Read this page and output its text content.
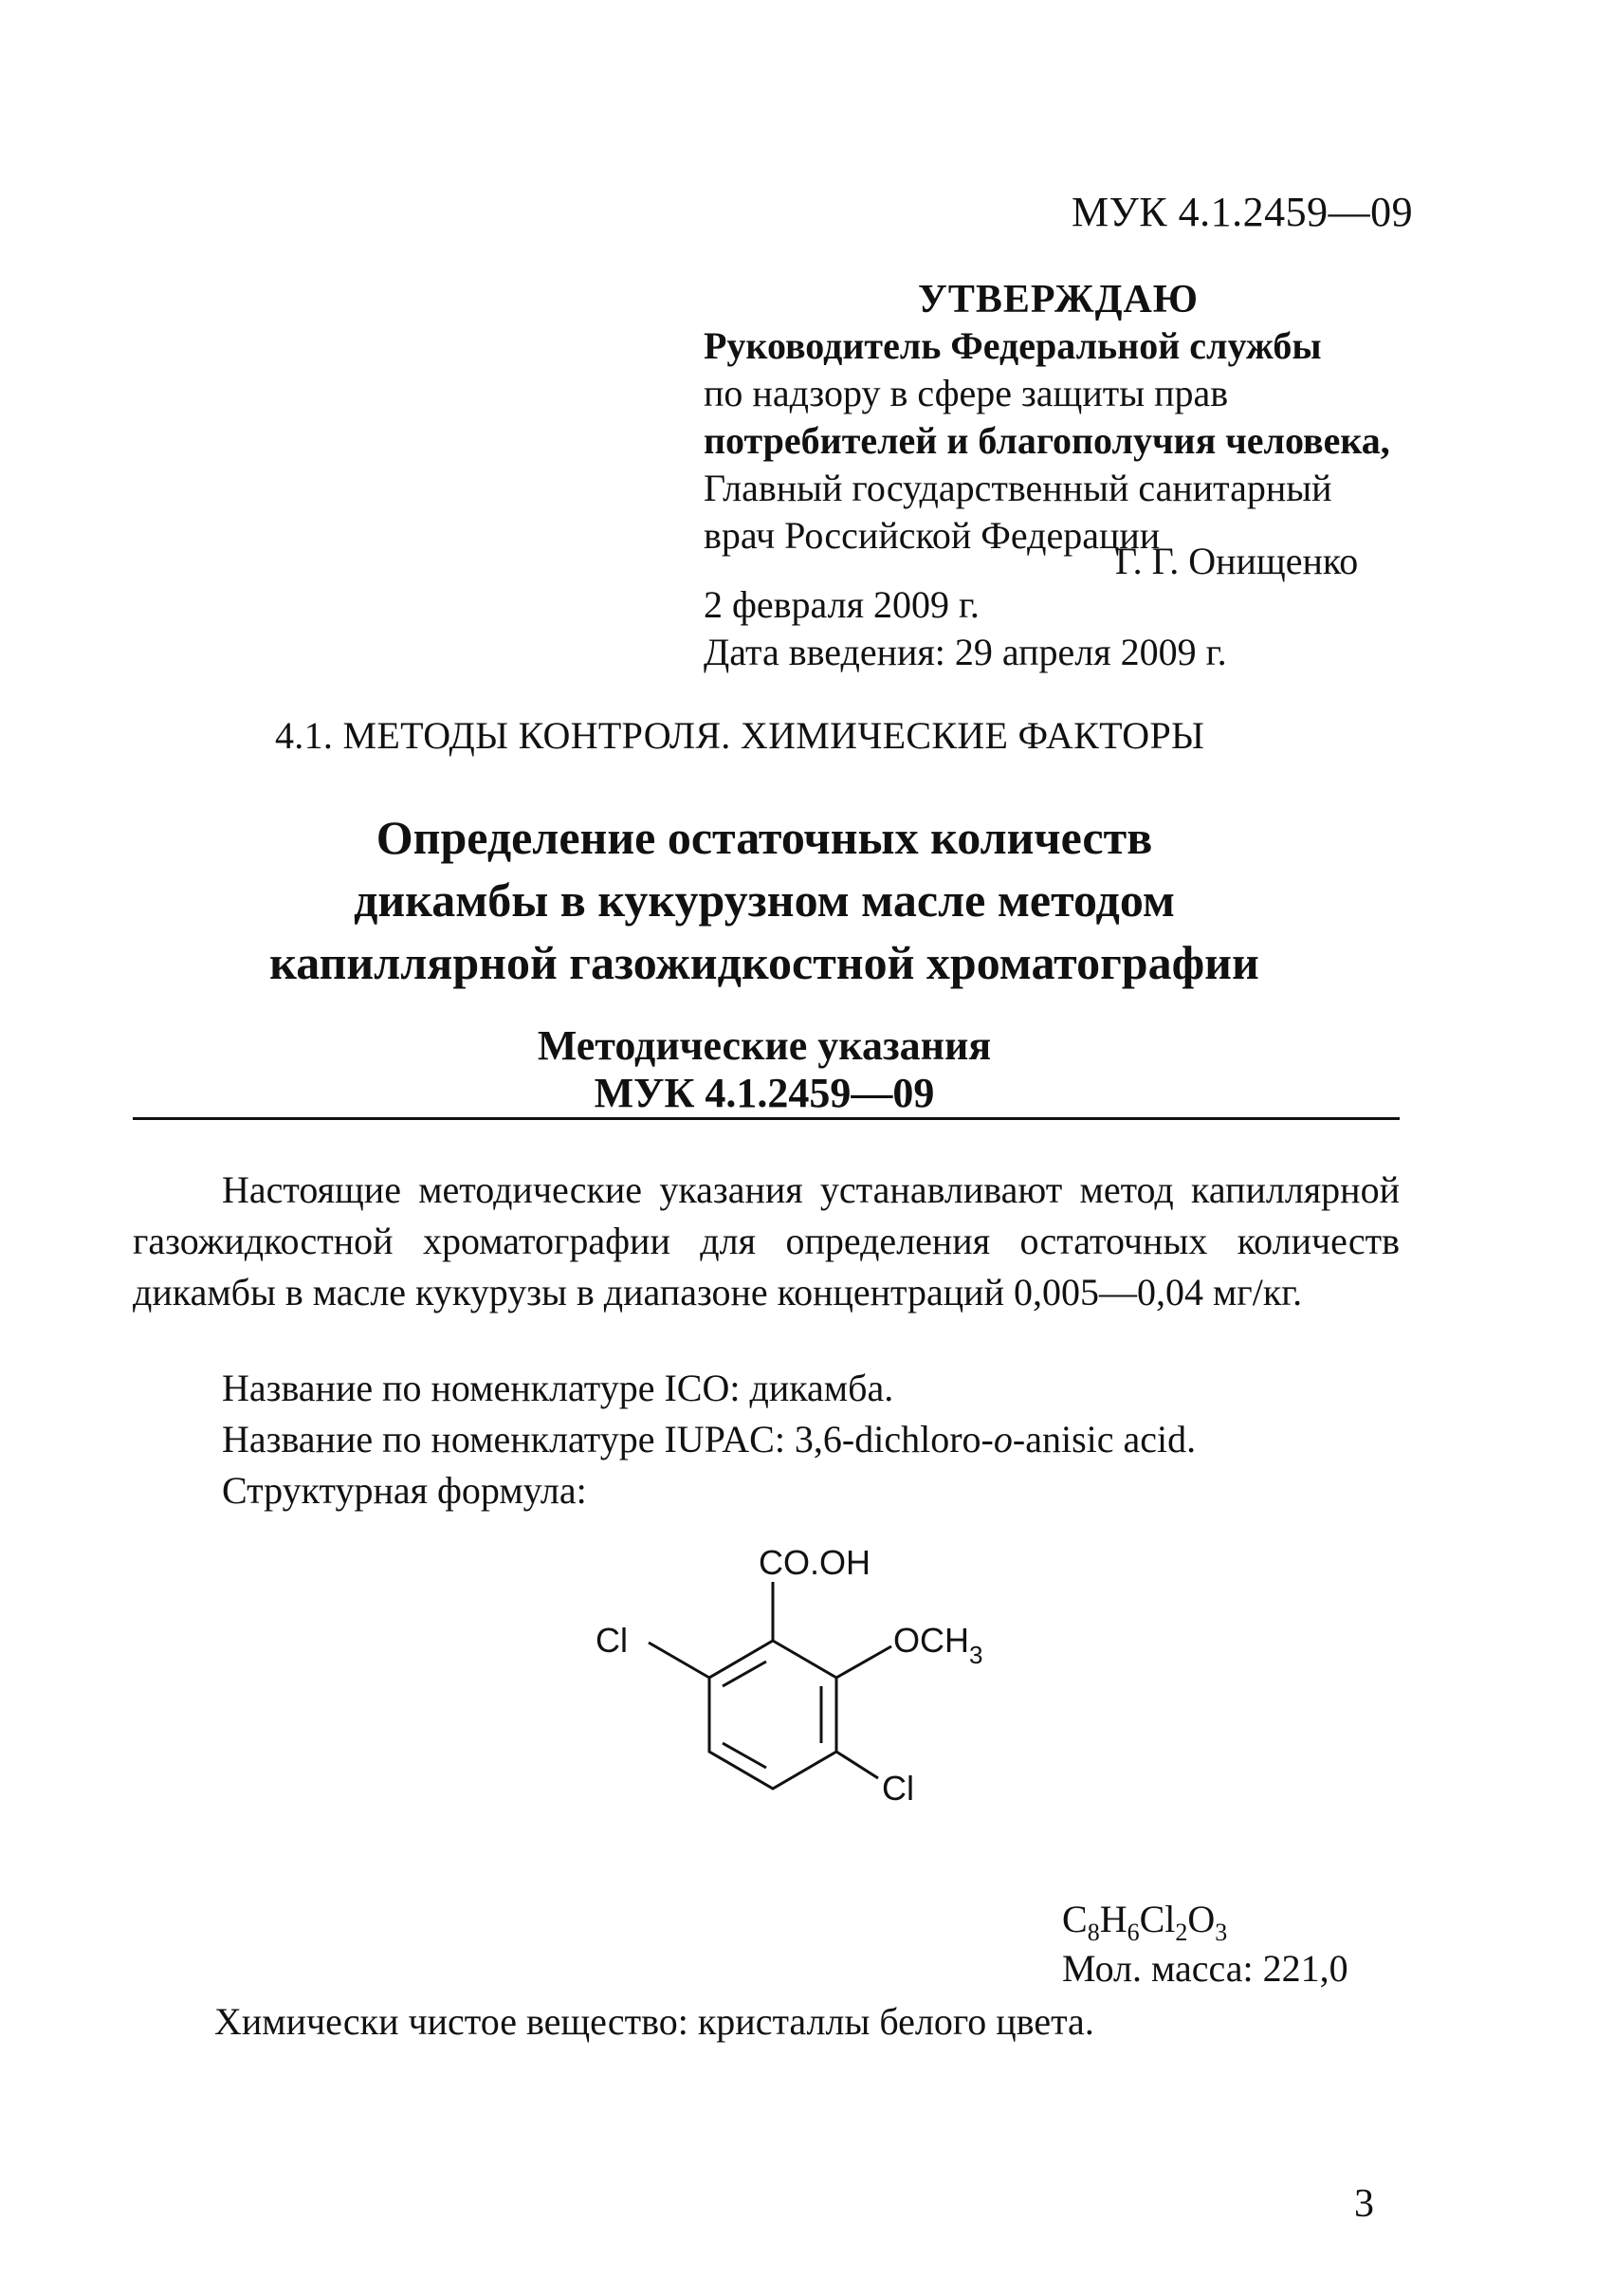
МУК 4.1.2459—09
УТВЕРЖДАЮ
Руководитель Федеральной службы
по надзору в сфере защиты прав
потребителей и благополучия человека,
Главный государственный санитарный
врач Российской Федерации
Г. Г. Онищенко
2 февраля 2009 г.
Дата введения: 29 апреля 2009 г.
4.1. МЕТОДЫ КОНТРОЛЯ. ХИМИЧЕСКИЕ ФАКТОРЫ
Определение остаточных количеств
дикамбы в кукурузном масле методом
капиллярной газожидкостной хроматографии
Методические указания
МУК 4.1.2459—09
Настоящие методические указания устанавливают метод капиллярной газожидкостной хроматографии для определения остаточных количеств дикамбы в масле кукурузы в диапазоне концентраций 0,005—0,04 мг/кг.
Название по номенклатуре ICO: дикамба.
Название по номенклатуре IUPAC: 3,6-dichloro-o-anisic acid.
Структурная формула:
CO.OH
Cl	$OCH_3$
Cl
$C_8H_6Cl_2O_3$
Мол. масса: 221,0
Химически чистое вещество: кристаллы белого цвета.
3
